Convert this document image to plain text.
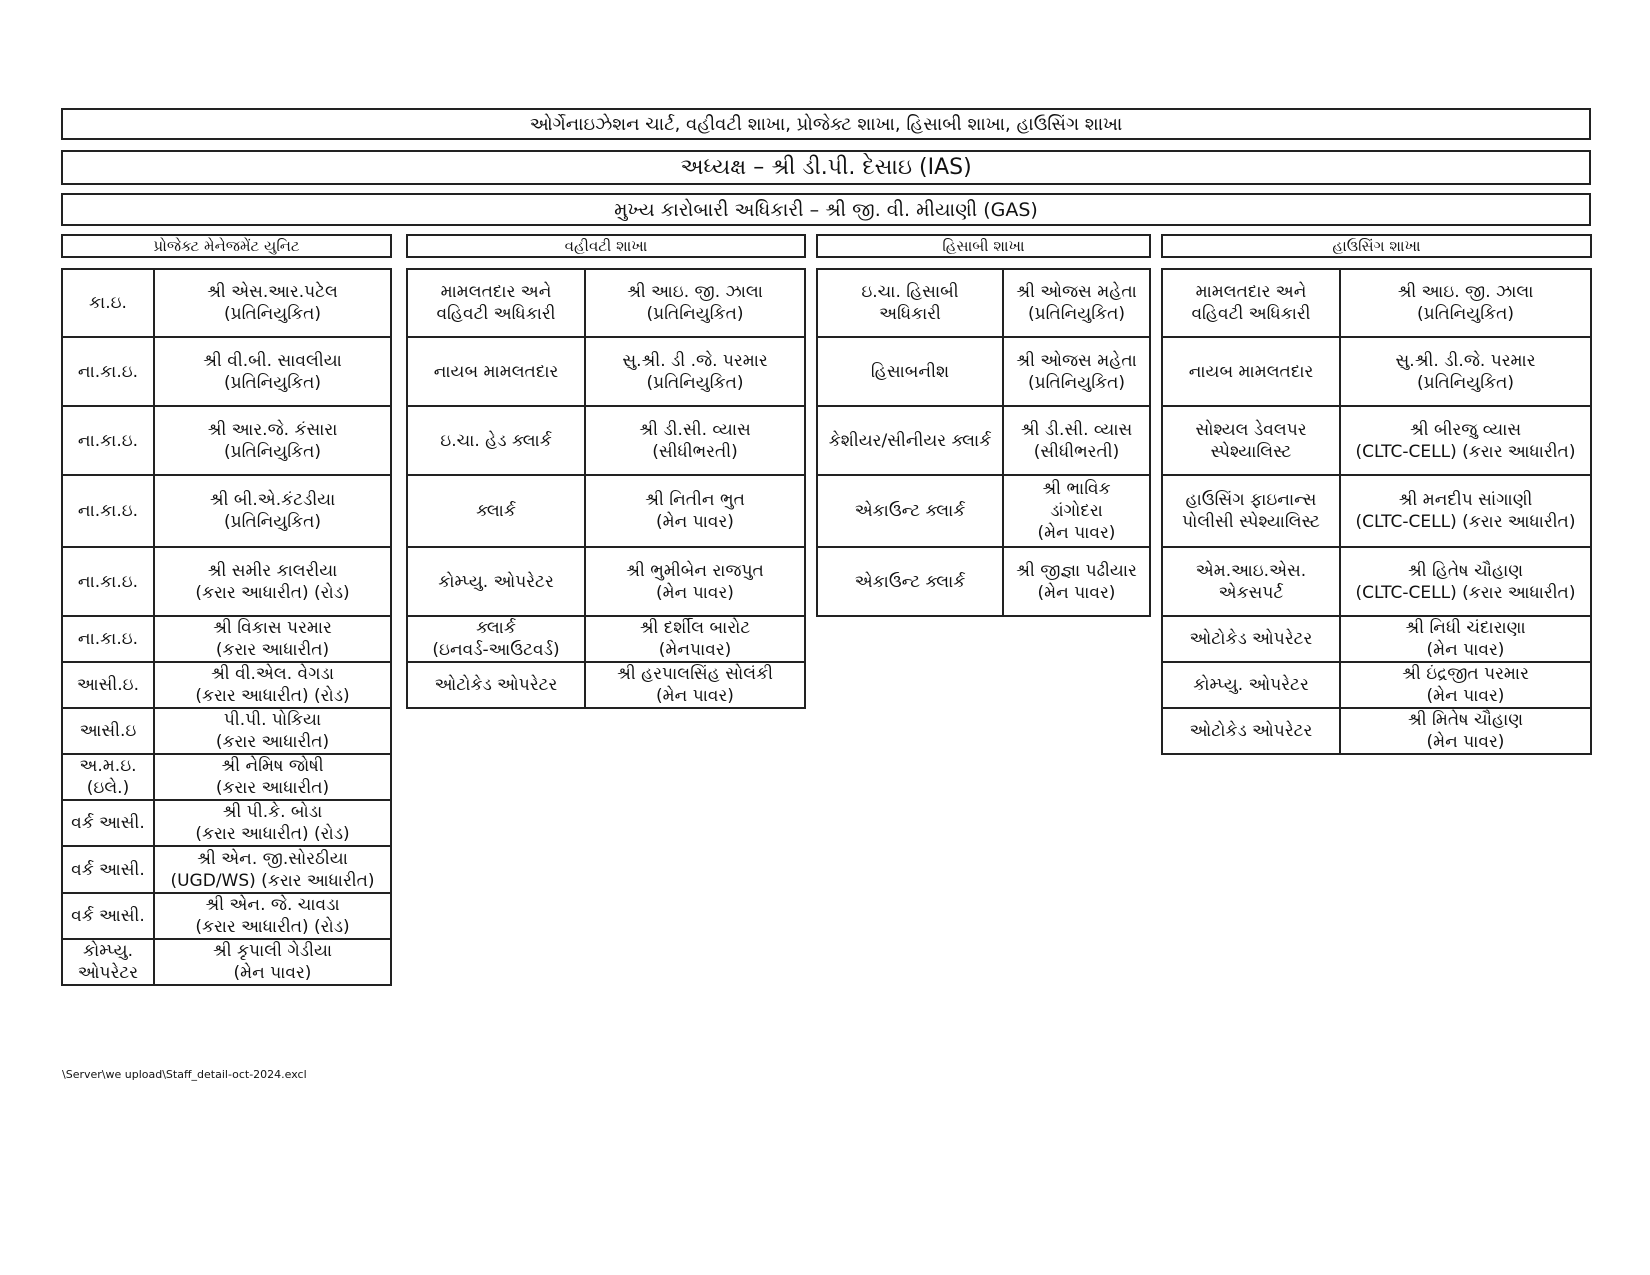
ઓર્ગેનાઇઝેશન ચાર્ટ, વહીવટી શાખા, પ્રોજેક્ટ શાખા, હિસાબી શાખા, હાઉસિંગ શાખા
અધ્યક્ષ – શ્રી ડી.પી. દેસાઇ (IAS)
મુખ્ય કારોબારી અધિકારી – શ્રી જી. વી. મીયાણી (GAS)
પ્રોજેક્ટ મેનેજમેંટ યુનિટ	વહીવટી શાખા	હિસાબી શાખા	હાઉસિંગ શાખા
કા.ઇ.	શ્રી એસ.આર.પટેલ
(પ્રતિનિયુકિત)
ના.કા.ઇ.	શ્રી વી.બી. સાવલીયા
(પ્રતિનિયુકિત)
ના.કા.ઇ.	શ્રી આર.જે. કંસારા
(પ્રતિનિયુકિત)
ના.કા.ઇ.	શ્રી બી.એ.કંટડીયા
(પ્રતિનિયુકિત)
ના.કા.ઇ.	શ્રી સમીર કાલરીયા
(કરાર આધારીત) (રોડ)
ના.કા.ઇ.	શ્રી વિકાસ પરમાર
(કરાર આધારીત)
આસી.ઇ.	શ્રી વી.એલ. વેગડા
(કરાર આધારીત) (રોડ)
આસી.ઇ	પી.પી. પોકિયા
(કરાર આધારીત)
અ.મ.ઇ.
(ઇલે.)	શ્રી નેમિષ જોષી
(કરાર આધારીત)
વર્ક આસી.	શ્રી પી.કે. બોડા
(કરાર આધારીત) (રોડ)
વર્ક આસી.	શ્રી એન. જી.સોરઠીયા
(UGD/WS) (કરાર આધારીત)
વર્ક આસી.	શ્રી એન. જે. ચાવડા
(કરાર આધારીત) (રોડ)
કોમ્પ્યુ.
ઓપરેટર	શ્રી કૃપાલી ગેડીયા
(મેન પાવર)
મામલતદાર અને
વહિવટી અધિકારી	શ્રી આઇ. જી. ઝાલા
(પ્રતિનિયુકિત)
નાયબ મામલતદાર	સુ.શ્રી. ડી .જે. પરમાર
(પ્રતિનિયુકિત)
ઇ.ચા. હેડ ક્લાર્ક	શ્રી ડી.સી. વ્યાસ
(સીધીભરતી)
ક્લાર્ક	શ્રી નિતીન ભુત
(મેન પાવર)
કોમ્પ્યુ. ઓપરેટર	શ્રી ભુમીબેન રાજપુત
(મેન પાવર)
ક્લાર્ક
(ઇનવર્ડ-આઉટવર્ડ)	શ્રી દર્શીલ બારોટ
(મેનપાવર)
ઓટોકેડ ઓપરેટર	શ્રી હરપાલસિંહ સોલંકી
(મેન પાવર)
ઇ.ચા. હિસાબી
અધિકારી	શ્રી ઓજસ મહેતા
(પ્રતિનિયુકિત)
હિસાબનીશ	શ્રી ઓજસ મહેતા
(પ્રતિનિયુકિત)
કેશીયર/સીનીયર ક્લાર્ક	શ્રી ડી.સી. વ્યાસ
(સીધીભરતી)
એકાઉન્ટ ક્લાર્ક	શ્રી ભાવિક
ડાંગોદરા
(મેન પાવર)
એકાઉન્ટ ક્લાર્ક	શ્રી જીજ્ઞા પઢીયાર
(મેન પાવર)
મામલતદાર અને
વહિવટી અધિકારી	શ્રી આઇ. જી. ઝાલા
(પ્રતિનિયુકિત)
નાયબ મામલતદાર	સુ.શ્રી. ડી.જે. પરમાર
(પ્રતિનિયુકિત)
સોશ્યલ ડેવલપર
સ્પેશ્યાલિસ્ટ	શ્રી બીરજુ વ્યાસ
(CLTC-CELL) (કરાર આધારીત)
હાઉસિંગ ફાઇનાન્સ
પોલીસી સ્પેશ્યાલિસ્ટ	શ્રી મનદીપ સાંગાણી
(CLTC-CELL) (કરાર આધારીત)
એમ.આઇ.એસ.
એકસપર્ટ	શ્રી હિતેષ ચૌહાણ
(CLTC-CELL) (કરાર આધારીત)
ઓટોકેડ ઓપરેટર	શ્રી નિધી ચંદારાણા
(મેન પાવર)
કોમ્પ્યુ. ઓપરેટર	શ્રી ઇંદ્રજીત પરમાર
(મેન પાવર)
ઓટોકેડ ઓપરેટર	શ્રી મિતેષ ચૌહાણ
(મેન પાવર)
\Server\we upload\Staff_detail-oct-2024.excl
